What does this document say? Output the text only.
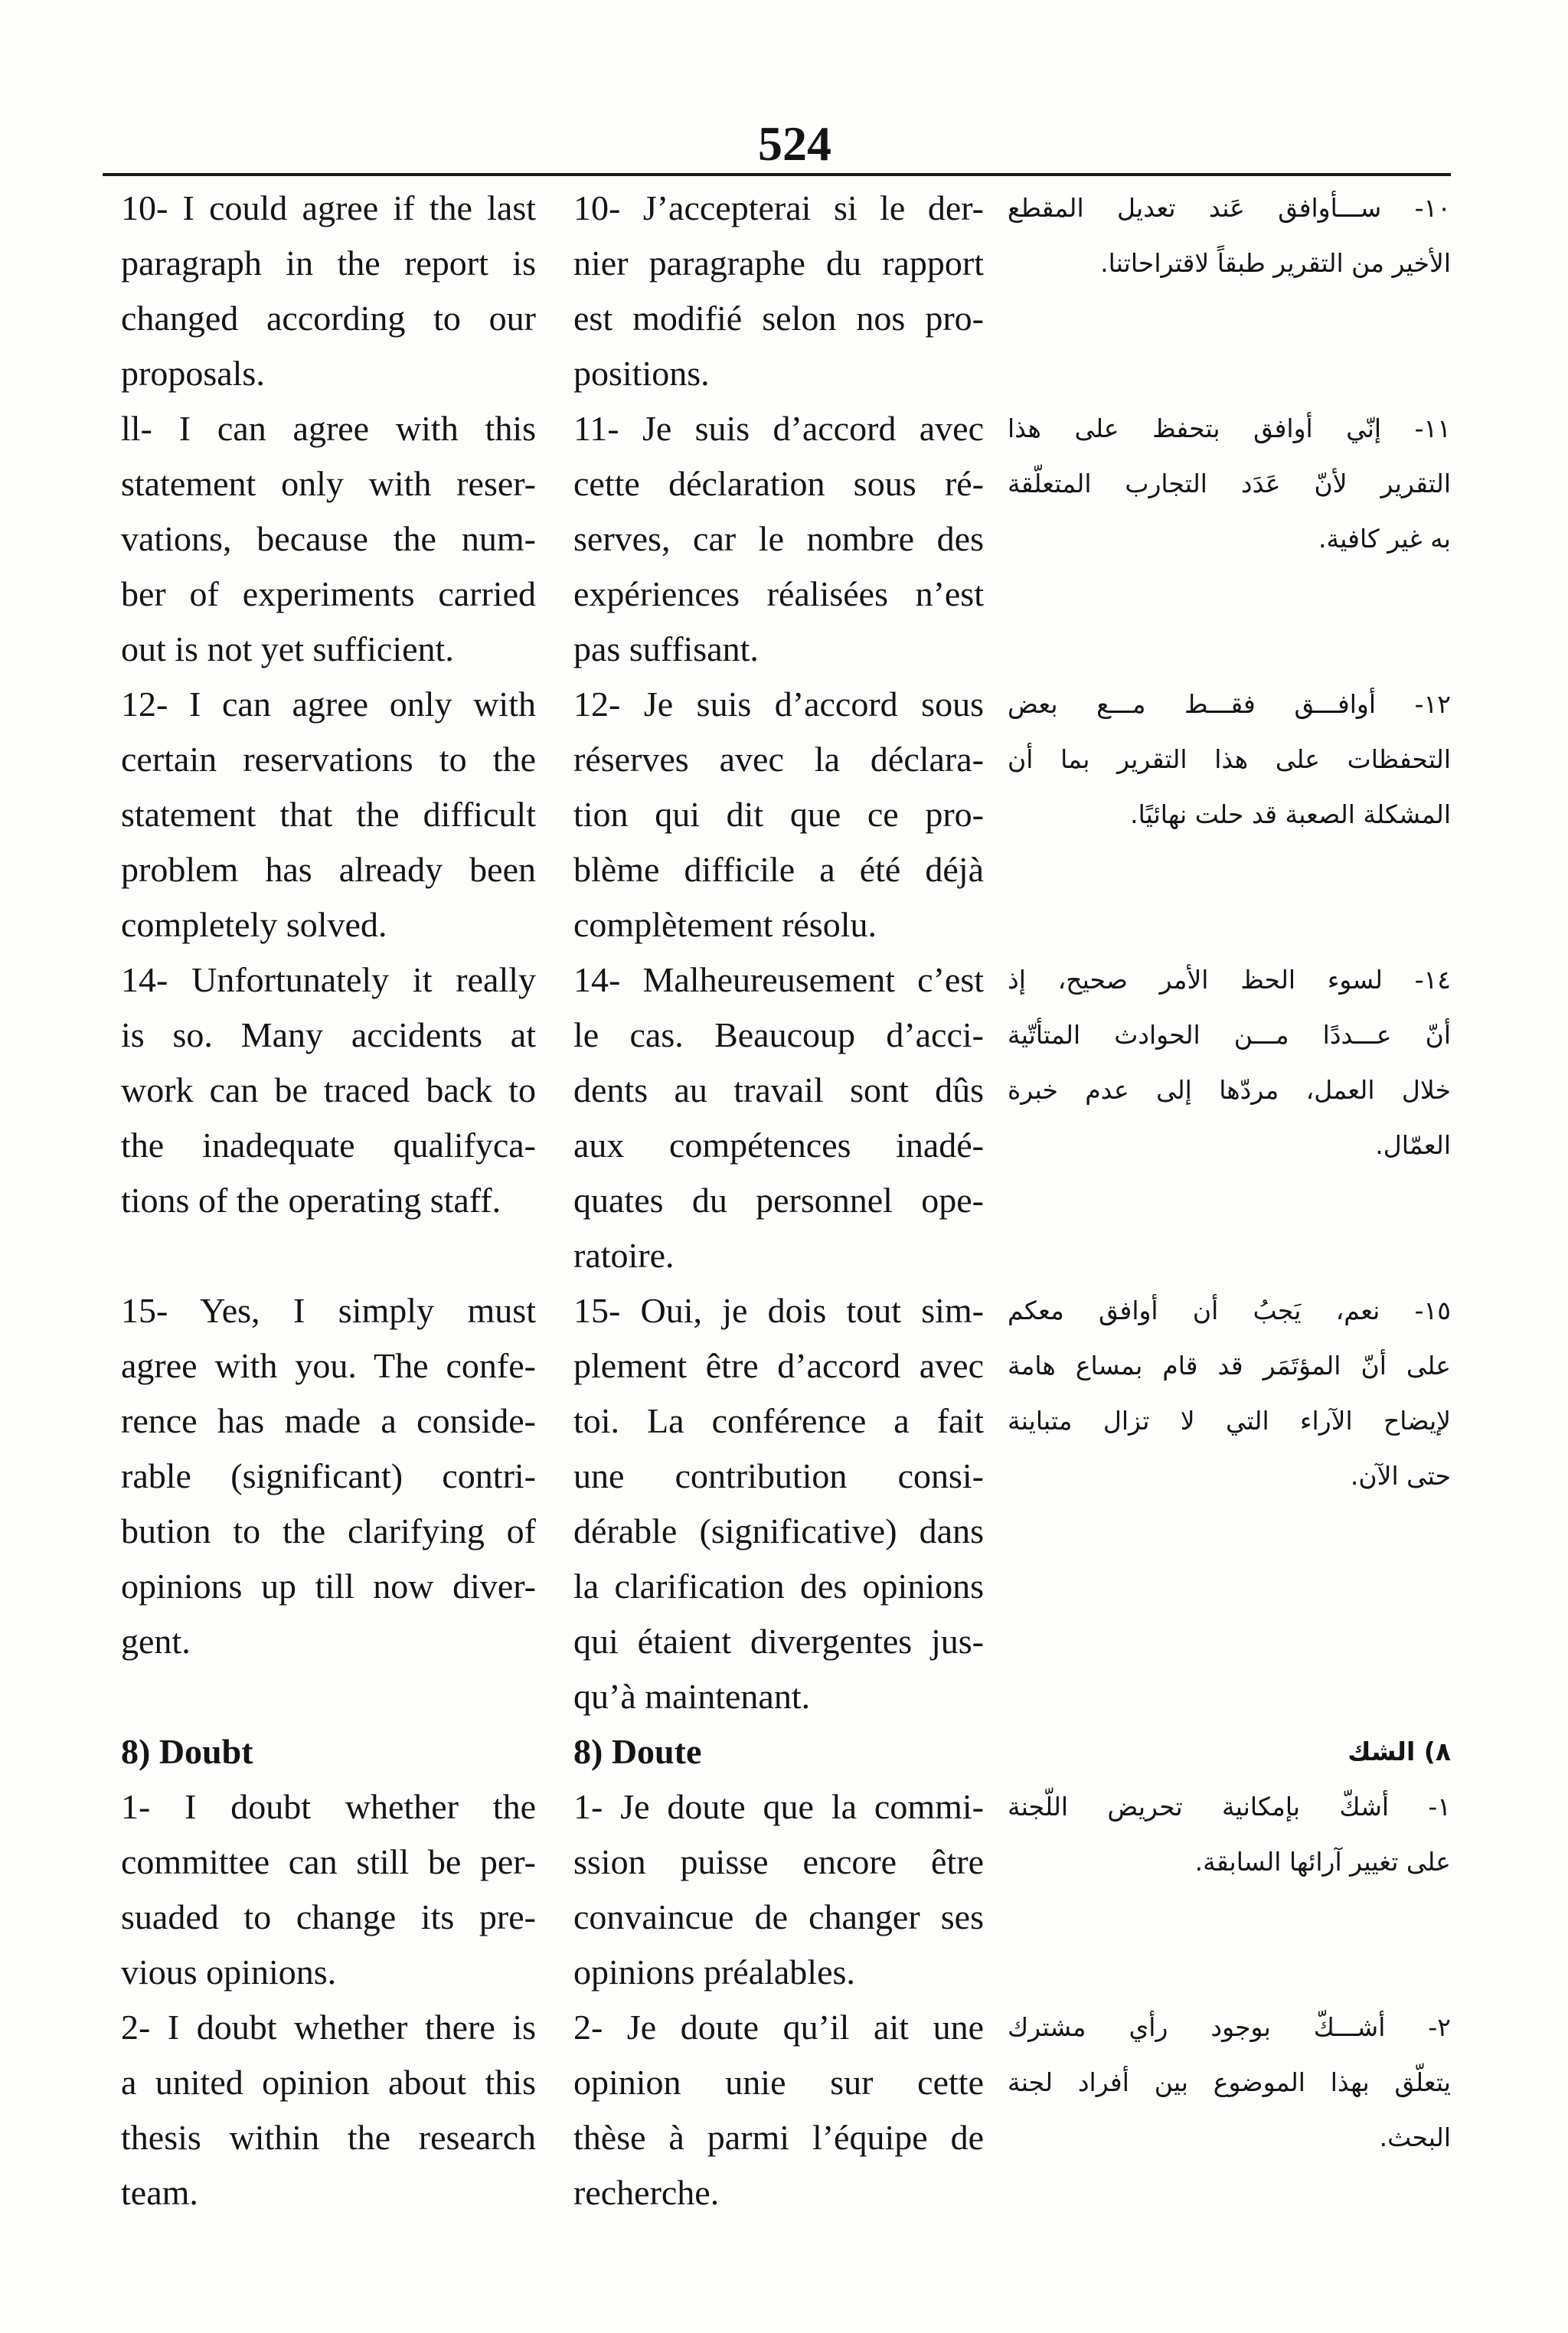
524
10- I could agree if the last
paragraph in the report is
changed according to our
proposals.
10- J’accepterai si le der-
nier paragraphe du rapport
est modifié selon nos pro-
positions.
١٠- ســـأوافق عَند تعديل المقطع
الأخير من التقرير طبقاً لاقتراحاتنا.
ll- I can agree with this
statement only with reser-
vations, because the num-
ber of experiments carried
out is not yet sufficient.
11- Je suis d’accord avec
cette déclaration sous ré-
serves, car le nombre des
expériences réalisées n’est
pas suffisant.
١١- إنّي أوافق بتحفظ على هذا
التقرير لأنّ عَدَد التجارب المتعلّقة
به غير كافية.
12- I can agree only with
certain reservations to the
statement that the difficult
problem has already been
completely solved.
12- Je suis d’accord sous
réserves avec la déclara-
tion qui dit que ce pro-
blème difficile a été déjà
complètement résolu.
١٢- أوافـــق فقـــط مـــع بعض
التحفظات على هذا التقرير بما أن
المشكلة الصعبة قد حلت نهائيًا.
14- Unfortunately it really
is so. Many accidents at
work can be traced back to
the inadequate qualifyca-
tions of the operating staff.
14- Malheureusement c’est
le cas. Beaucoup d’acci-
dents au travail sont dûs
aux compétences inadé-
quates du personnel ope-
ratoire.
١٤- لسوء الحظ الأمر صحيح، إذ
أنّ عـــددًا مـــن الحوادث المتأتّية
خلال العمل، مردّها إلى عدم خبرة
العمّال.
15- Yes, I simply must
agree with you. The confe-
rence has made a conside-
rable (significant) contri-
bution to the clarifying of
opinions up till now diver-
gent.
15- Oui, je dois tout sim-
plement être d’accord avec
toi. La conférence a fait
une contribution consi-
dérable (significative) dans
la clarification des opinions
qui étaient divergentes jus-
qu’à maintenant.
١٥- نعم، يَجبُ أن أوافق معكم
على أنّ المؤتَمَر قد قام بمساع هامة
لإيضاح الآراء التي لا تزال متباينة
حتى الآن.
8) Doubt	8) Doute	٨) الشك
1- I doubt whether the
committee can still be per-
suaded to change its pre-
vious opinions.
1- Je doute que la commi-
ssion puisse encore être
convaincue de changer ses
opinions préalables.
١- أشكّ بإمكانية تحريض اللّجنة
على تغيير آرائها السابقة.
2- I doubt whether there is
a united opinion about this
thesis within the research
team.
2- Je doute qu’il ait une
opinion unie sur cette
thèse à parmi l’équipe de
recherche.
٢- أشـــكّ بوجود رأي مشترك
يتعلّق بهذا الموضوع بين أفراد لجنة
البحث.
